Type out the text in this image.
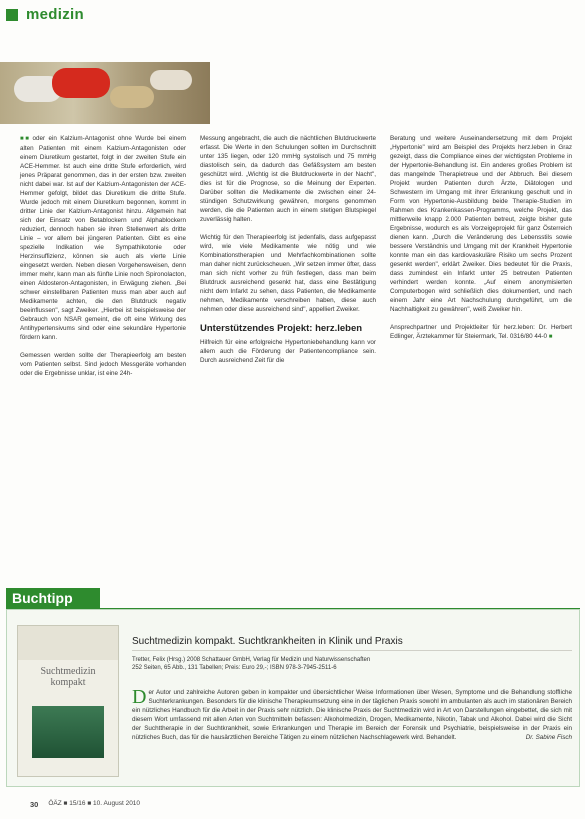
medizin

■■ oder ein Kalzium-Antagonist ohne Wurde bei einem alten Patienten mit einem Kalzium-Antagonisten oder einem Diuretikum gestartet, folgt in der zweiten Stufe ein ACE-Hemmer. Ist auch eine dritte Stufe erforderlich, wird jenes Präparat genommen, das in der ersten bzw. zweiten nicht dabei war. Ist auf der Kalzium-Antagonisten der ACE-Hemmer gefolgt, bildet das Diuretikum die dritte Stufe. Wurde jedoch mit einem Diuretikum begonnen, kommt in dritter Linie der Kalzium-Antagonist hinzu. Allgemein hat sich der Einsatz von Betablockern und Alphablockern reduziert, dennoch haben sie ihren Stellenwert als dritte Linie – vor allem bei jüngeren Patienten. Gibt es eine spezielle Indikation wie Sympathikotonie oder Herzinsuffizienz, können sie auch als vierte Linie eingesetzt werden. Neben diesen Vorgehensweisen, denn immer mehr, kann man als fünfte Linie noch Spironolacton, einen Aldosteron-Antagonisten, in Erwägung ziehen. „Bei schwer einstellbaren Patienten muss man aber auch auf Medikamente achten, die den Blutdruck negativ beeinflussen", sagt Zweiker. „Hierbei ist beispielsweise der Gebrauch von NSAR gemeint, die oft eine Wirkung des Antihypertensivums sind oder eine sekundäre Hypertonie fördern kann.

Gemessen werden sollte der Therapieerfolg am besten vom Patienten selbst. Sind jedoch Messgeräte vorhanden oder die Ergebnisse unklar, ist eine 24h-

Messung angebracht, die auch die nächtlichen Blutdruckwerte erfasst. Die Werte in den Schulungen sollten im Durchschnitt unter 135 liegen, oder 120 mmHg systolisch und 75 mmHg diastolisch sein, da dadurch das Gefäßsystem am besten geschützt wird. „Wichtig ist die Blutdruckwerte in der Nacht", dies ist für die Prognose, so die Meinung der Experten. Darüber sollten die Medikamente die zwischen einer 24-stündigen Schutzwirkung gewähren, morgens genommen werden, die die Patienten auch in einem stetigen Blutspiegel zuverlässig halten.

Wichtig für den Therapieerfolg ist jedenfalls, dass aufgepasst wird, wie viele Medikamente wie nötig und wie Kombinationstherapien und Mehrfachkombinationen sollte man daher nicht zurückscheuen. „Wir setzen immer öfter, dass man sich nicht vorher zu früh festlegen, dass man beim Blutdruck ausreichend gesenkt hat, dass eine Bestätigung nicht dem Infarkt zu sehen, dass Patienten, die Medikamente nehmen, Medikamente verschreiben haben, diese auch nehmen oder diese ausreichend sind", appelliert Zweiker.

Unterstützendes Projekt: herz.leben

Hilfreich für eine erfolgreiche Hypertoniebehandlung kann vor allem auch die Förderung der Patientencompliance sein. Durch ausreichend Zeit für die

Beratung und weitere Auseinandersetzung mit dem Projekt „Hypertonie" wird am Beispiel des Projekts herz.leben in Graz gezeigt, dass die Compliance eines der wichtigsten Probleme in der Hypertonie-Behandlung ist. Ein anderes großes Problem ist das mangelnde Therapietreue und der Abbruch. Bei diesem Projekt wurden Patienten durch Ärzte, Diätologen und Schwestern im Umgang mit ihrer Erkrankung geschult und in Form von Hypertonie-Ausbildung beide Therapie-Studien im Rahmen des Krankenkassen-Programms, welche Projekt, das mittlerweile knapp 2.000 Patienten betreut, zeigte bisher gute Ergebnisse, wodurch es als Vorzeigeprojekt für ganz Österreich dienen kann. „Durch die Veränderung des Lebensstils sowie bessere Verständnis und Umgang mit der Krankheit Hypertonie konnte man ein das kardiovaskuläre Risiko um sechs Prozent gesenkt werden", erklärt Zweiker. Dies bedeutet für die Praxis, dass zumindest ein Infarkt unter 25 betreuten Patienten verhindert werden konnte. „Auf einem anonymisierten Computerbogen wird schließlich dies dokumentiert, und nach einem Jahr eine Art Nachschulung durchgeführt, um die Nachhaltigkeit zu gewähren", weiß Zweiker hin.

Ansprechpartner und Projektleiter für herz.leben: Dr. Herbert Edlinger, Ärztekammer für Steiermark, Tel. 0316/80 44-0 ■

Buchtipp
Suchtmedizin kompakt
Suchtmedizin kompakt. Suchtkrankheiten in Klinik und Praxis
Tretter, Felix (Hrsg.) 2008 Schattauer GmbH, Verlag für Medizin und Naturwissenschaften
252 Seiten, 65 Abb., 131 Tabellen; Preis: Euro 29,-; ISBN 978-3-7945-2511-6
Der Autor und zahlreiche Autoren geben in kompakter und übersichtlicher Weise Informationen über Wesen, Symptome und die Behandlung stoffliche Suchterkrankungen. Besonders für die klinische Therapieumsetzung eine in der täglichen Praxis sowohl im ambulanten als auch im stationären Bereich ein nützliches Handbuch für die Arbeit in der Praxis sehr nützlich. Die klinische Praxis der Suchtmedizin wird in Art von Darstellungen eingebettet, die sich mit diesem Wort umfassend mit allen Arten von Suchtmitteln befassen: Alkoholmedizin, Drogen, Medikamente, Nikotin, Tabak und Alkohol. Dabei wird die Sicht der Suchttherapie in der Suchtkrankheit, sowie Erkrankungen und Therapie im Bereich der Forensik und Psychiatrie, beispielsweise in der Praxis ein nützliches Buch, das für die hausärztlichen Bereiche Tätigen zu einem nützlichen Nachschlagewerk wird. Behandelt.	Dr. Sabine Fisch
30 ÖÄZ ■ 15/16 ■ 10. August 2010
